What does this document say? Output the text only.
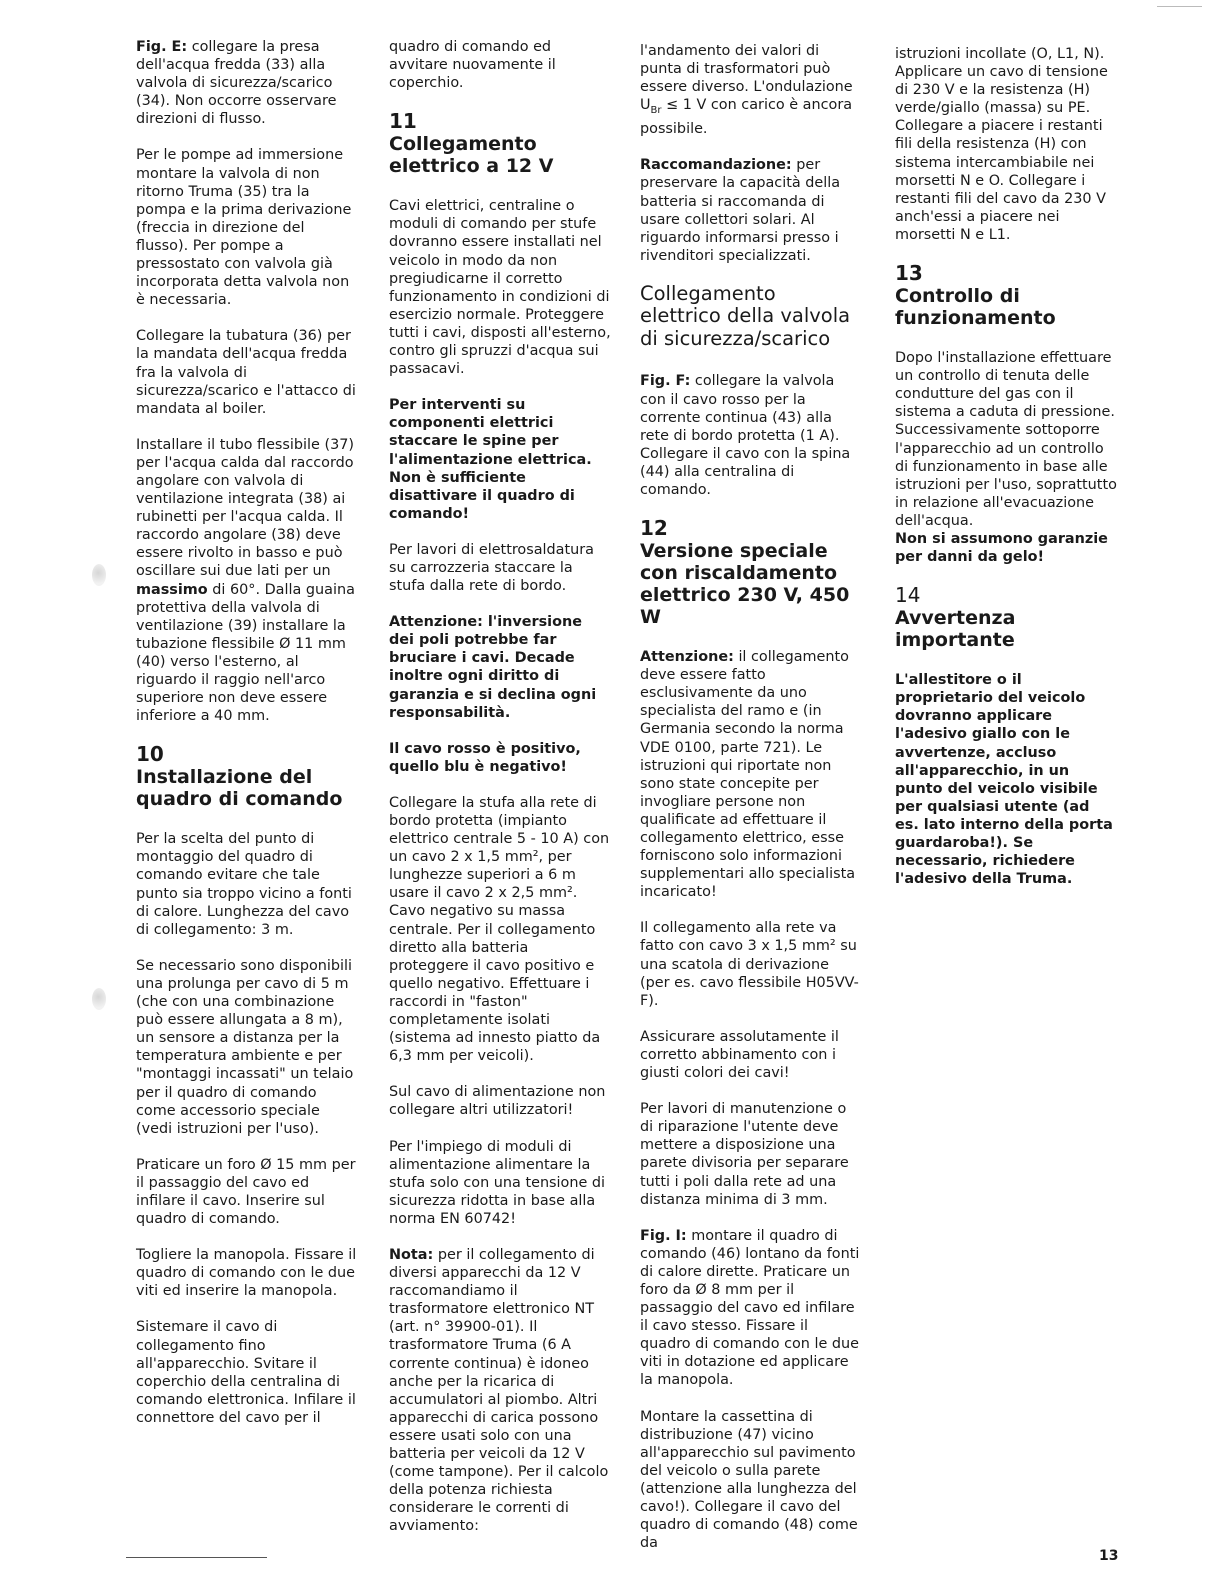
Fig. E: collegare la presa dell'acqua fredda (33) alla valvola di sicurezza/scarico (34). Non occorre osservare direzioni di flusso.

Per le pompe ad immersione montare la valvola di non ritorno Truma (35) tra la pompa e la prima derivazione (freccia in direzione del flusso). Per pompe a pressostato con valvola già incorporata detta valvola non è necessaria.

Collegare la tubatura (36) per la mandata dell'acqua fredda fra la valvola di sicurezza/scarico e l'attacco di mandata al boiler.

Installare il tubo flessibile (37) per l'acqua calda dal raccordo angolare con valvola di ventilazione integrata (38) ai rubinetti per l'acqua calda. Il raccordo angolare (38) deve essere rivolto in basso e può oscillare sui due lati per un massimo di 60°. Dalla guaina protettiva della valvola di ventilazione (39) installare la tubazione flessibile Ø 11 mm (40) verso l'esterno, al riguardo il raggio nell'arco superiore non deve essere inferiore a 40 mm.

10
Installazione del quadro di comando

Per la scelta del punto di montaggio del quadro di comando evitare che tale punto sia troppo vicino a fonti di calore. Lunghezza del cavo di collegamento: 3 m.

Se necessario sono disponibili una prolunga per cavo di 5 m (che con una combinazione può essere allungata a 8 m), un sensore a distanza per la temperatura ambiente e per "montaggi incassati" un telaio per il quadro di comando come accessorio speciale (vedi istruzioni per l'uso).

Praticare un foro Ø 15 mm per il passaggio del cavo ed infilare il cavo. Inserire sul quadro di comando.

Togliere la manopola. Fissare il quadro di comando con le due viti ed inserire la manopola.

Sistemare il cavo di collegamento fino all'apparecchio. Svitare il coperchio della centralina di comando elettronica. Infilare il connettore del cavo per il

quadro di comando ed avvitare nuovamente il coperchio.

11
Collegamento elettrico a 12 V

Cavi elettrici, centraline o moduli di comando per stufe dovranno essere installati nel veicolo in modo da non pregiudicarne il corretto funzionamento in condizioni di esercizio normale. Proteggere tutti i cavi, disposti all'esterno, contro gli spruzzi d'acqua sui passacavi.

Per interventi su componenti elettrici staccare le spine per l'alimentazione elettrica. Non è sufficiente disattivare il quadro di comando!

Per lavori di elettrosaldatura su carrozzeria staccare la stufa dalla rete di bordo.

Attenzione: l'inversione dei poli potrebbe far bruciare i cavi. Decade inoltre ogni diritto di garanzia e si declina ogni responsabilità.

Il cavo rosso è positivo, quello blu è negativo!

Collegare la stufa alla rete di bordo protetta (impianto elettrico centrale 5 - 10 A) con un cavo 2 x 1,5 mm², per lunghezze superiori a 6 m usare il cavo 2 x 2,5 mm². Cavo negativo su massa centrale. Per il collegamento diretto alla batteria proteggere il cavo positivo e quello negativo. Effettuare i raccordi in "faston" completamente isolati (sistema ad innesto piatto da 6,3 mm per veicoli).

Sul cavo di alimentazione non collegare altri utilizzatori!

Per l'impiego di moduli di alimentazione alimentare la stufa solo con una tensione di sicurezza ridotta in base alla norma EN 60742!

Nota: per il collegamento di diversi apparecchi da 12 V raccomandiamo il trasformatore elettronico NT (art. n° 39900-01). Il trasformatore Truma (6 A corrente continua) è idoneo anche per la ricarica di accumulatori al piombo. Altri apparecchi di carica possono essere usati solo con una batteria per veicoli da 12 V (come tampone). Per il calcolo della potenza richiesta considerare le correnti di avviamento:

l'andamento dei valori di punta di trasformatori può essere diverso. L'ondulazione $U_{Br} \le 1$ V con carico è ancora possibile.

Raccomandazione: per preservare la capacità della batteria si raccomanda di usare collettori solari. Al riguardo informarsi presso i rivenditori specializzati.

Collegamento elettrico della valvola di sicurezza/scarico

Fig. F: collegare la valvola con il cavo rosso per la corrente continua (43) alla rete di bordo protetta (1 A). Collegare il cavo con la spina (44) alla centralina di comando.

12
Versione speciale con riscaldamento elettrico 230 V, 450 W

Attenzione: il collegamento deve essere fatto esclusivamente da uno specialista del ramo e (in Germania secondo la norma VDE 0100, parte 721). Le istruzioni qui riportate non sono state concepite per invogliare persone non qualificate ad effettuare il collegamento elettrico, esse forniscono solo informazioni supplementari allo specialista incaricato!

Il collegamento alla rete va fatto con cavo 3 x 1,5 mm² su una scatola di derivazione (per es. cavo flessibile H05VV-F).

Assicurare assolutamente il corretto abbinamento con i giusti colori dei cavi!

Per lavori di manutenzione o di riparazione l'utente deve mettere a disposizione una parete divisoria per separare tutti i poli dalla rete ad una distanza minima di 3 mm.

Fig. I: montare il quadro di comando (46) lontano da fonti di calore dirette. Praticare un foro da Ø 8 mm per il passaggio del cavo ed infilare il cavo stesso. Fissare il quadro di comando con le due viti in dotazione ed applicare la manopola.

Montare la cassettina di distribuzione (47) vicino all'apparecchio sul pavimento del veicolo o sulla parete (attenzione alla lunghezza del cavo!). Collegare il cavo del quadro di comando (48) come da

istruzioni incollate (O, L1, N). Applicare un cavo di tensione di 230 V e la resistenza (H) verde/giallo (massa) su PE. Collegare a piacere i restanti fili della resistenza (H) con sistema intercambiabile nei morsetti N e O. Collegare i restanti fili del cavo da 230 V anch'essi a piacere nei morsetti N e L1.

13
Controllo di funzionamento

Dopo l'installazione effettuare un controllo di tenuta delle condutture del gas con il sistema a caduta di pressione. Successivamente sottoporre l'apparecchio ad un controllo di funzionamento in base alle istruzioni per l'uso, soprattutto in relazione all'evacuazione dell'acqua.
Non si assumono garanzie per danni da gelo!

14
Avvertenza importante

L'allestitore o il proprietario del veicolo dovranno applicare l'adesivo giallo con le avvertenze, accluso all'apparecchio, in un punto del veicolo visibile per qualsiasi utente (ad es. lato interno della porta guardaroba!). Se necessario, richiedere l'adesivo della Truma.

13
